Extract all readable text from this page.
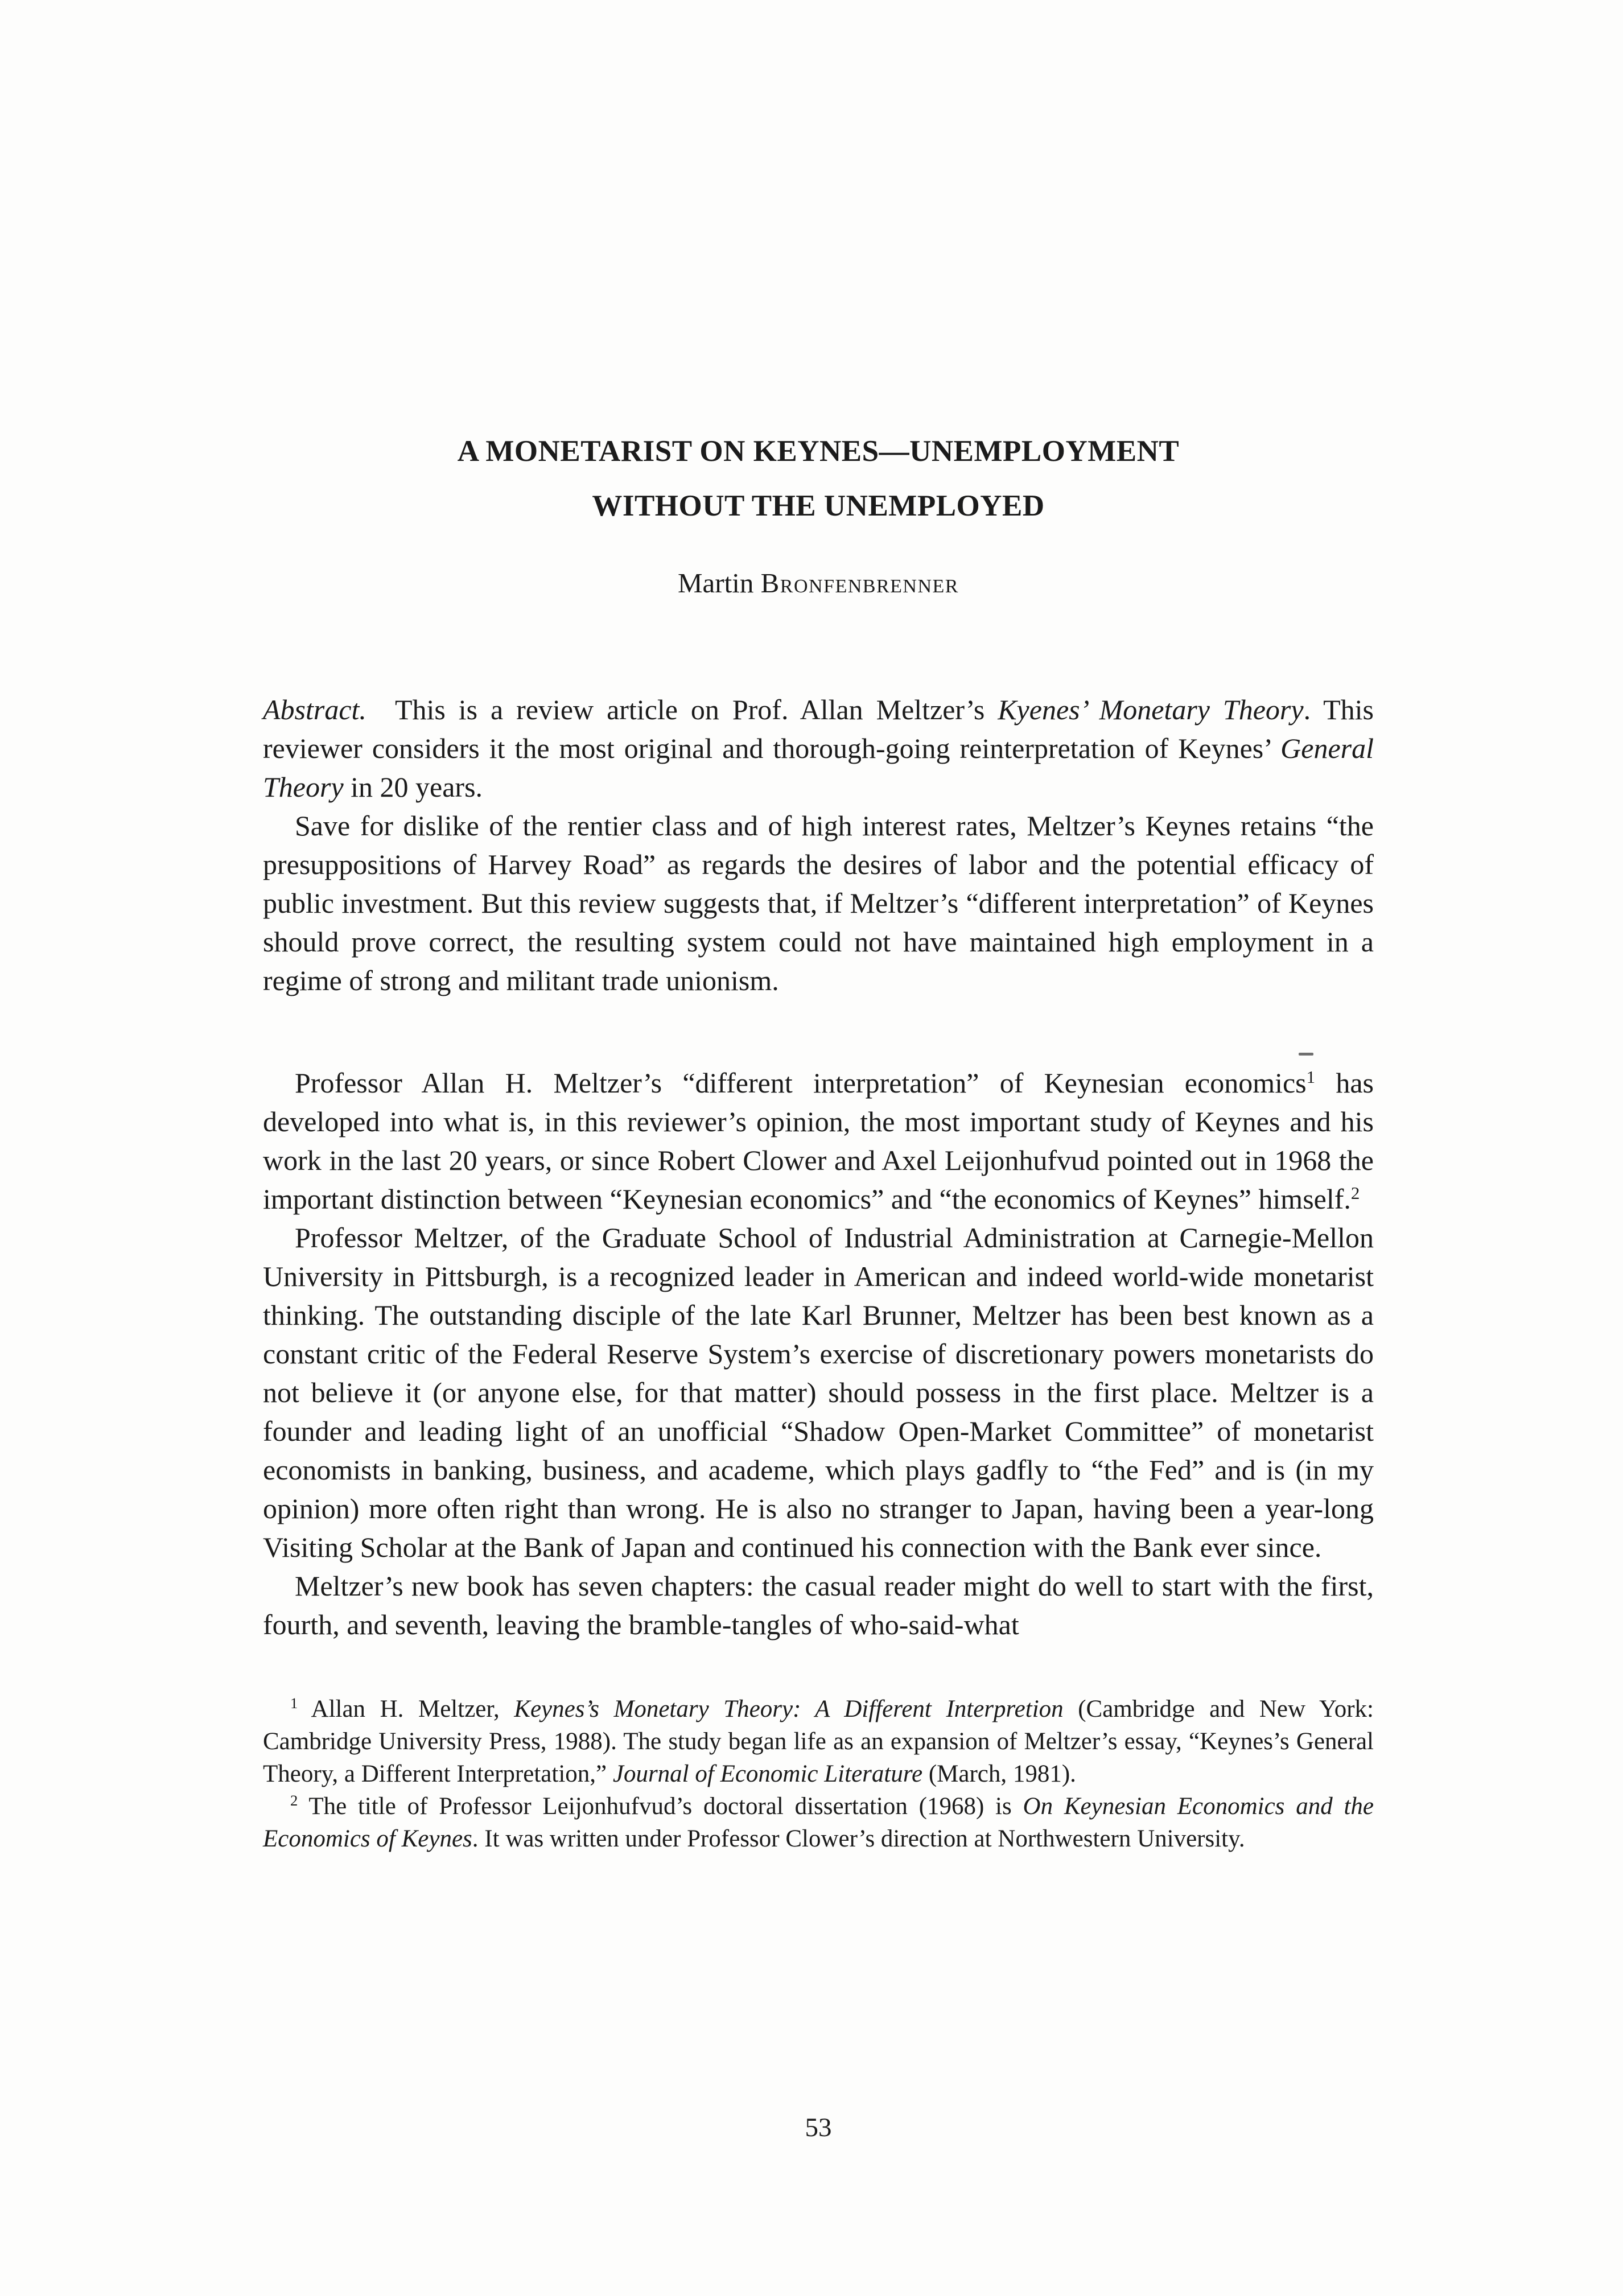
A MONETARIST ON KEYNES—UNEMPLOYMENT
WITHOUT THE UNEMPLOYED
Martin Bronfenbrenner

Abstract. This is a review article on Prof. Allan Meltzer’s Kyenes’ Monetary Theory. This reviewer considers it the most original and thorough-going reinterpretation of Keynes’ General Theory in 20 years.

Save for dislike of the rentier class and of high interest rates, Meltzer’s Keynes retains “the presuppositions of Harvey Road” as regards the desires of labor and the potential efficacy of public investment. But this review suggests that, if Meltzer’s “different interpretation” of Keynes should prove correct, the resulting system could not have maintained high employment in a regime of strong and militant trade unionism.

Professor Allan H. Meltzer’s “different interpretation” of Keynesian economics$^1$ has developed into what is, in this reviewer’s opinion, the most important study of Keynes and his work in the last 20 years, or since Robert Clower and Axel Leijonhufvud pointed out in 1968 the important distinction between “Keynesian economics” and “the economics of Keynes” himself.$^2$

Professor Meltzer, of the Graduate School of Industrial Administration at Carnegie-Mellon University in Pittsburgh, is a recognized leader in American and indeed world-wide monetarist thinking. The outstanding disciple of the late Karl Brunner, Meltzer has been best known as a constant critic of the Federal Reserve System’s exercise of discretionary powers monetarists do not believe it (or anyone else, for that matter) should possess in the first place. Meltzer is a founder and leading light of an unofficial “Shadow Open-Market Committee” of monetarist economists in banking, business, and academe, which plays gadfly to “the Fed” and is (in my opinion) more often right than wrong. He is also no stranger to Japan, having been a year-long Visiting Scholar at the Bank of Japan and continued his connection with the Bank ever since.

Meltzer’s new book has seven chapters: the casual reader might do well to start with the first, fourth, and seventh, leaving the bramble-tangles of who-said-what

$^1$ Allan H. Meltzer, Keynes’s Monetary Theory: A Different Interpretion (Cambridge and New York: Cambridge University Press, 1988). The study began life as an expansion of Meltzer’s essay, “Keynes’s General Theory, a Different Interpretation,” Journal of Economic Literature (March, 1981).

$^2$ The title of Professor Leijonhufvud’s doctoral dissertation (1968) is On Keynesian Economics and the Economics of Keynes. It was written under Professor Clower’s direction at Northwestern University.

53
